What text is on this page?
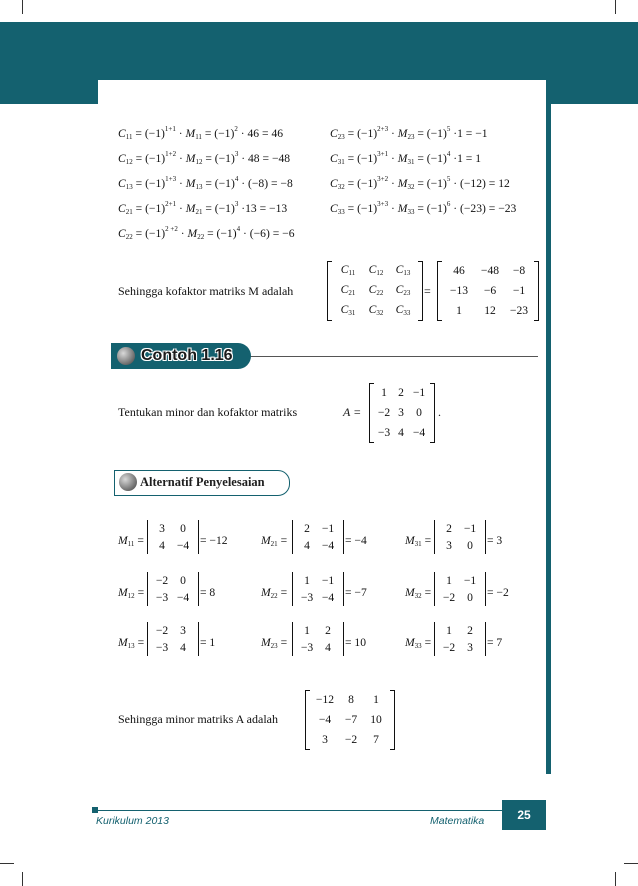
$C_{11} = (-1)^{1+1} \cdot M_{11} = (-1)^2 \cdot 46 = 46$
$C_{12} = (-1)^{1+2} \cdot M_{12} = (-1)^3 \cdot 48 = -48$
$C_{13} = (-1)^{1+3} \cdot M_{13} = (-1)^4 \cdot (-8) = -8$
$C_{21} = (-1)^{2+1} \cdot M_{21} = (-1)^3 \cdot 13 = -13$
$C_{22} = (-1)^{2 +2} \cdot M_{22} = (-1)^4 \cdot (-6) = -6$
$C_{23} = (-1)^{2+3} \cdot M_{23} = (-1)^5 \cdot 1 = -1$
$C_{31} = (-1)^{3+1} \cdot M_{31} = (-1)^4 \cdot 1 = 1$
$C_{32} = (-1)^{3+2} \cdot M_{32} = (-1)^5 \cdot (-12) = 12$
$C_{33} = (-1)^{3+3} \cdot M_{33} = (-1)^6 \cdot (-23) = -23$
Sehingga kofaktor matriks M adalah
$C_{11}$	$C_{12}$	$C_{13}$
$C_{21}$	$C_{22}$	$C_{23}$
$C_{31}$	$C_{32}$	$C_{33}$
=
46	−48	−8
−13	−6	−1
1	12	−23
Contoh 1.16
Tentukan minor dan kofaktor matriks	A =
1 2 −1
−2 3	0
−3 4 −4
.
Alternatif Penyelesaian
$M_{11}$ =
3	0
4	−4 = −12	$M_{21}$ =
2	−1
4	−4 = −4	$M_{31}$ =
2	−1
3	0	= 3
$M_{12}$ =
−2	0
−3 −4 = 8	$M_{22}$ =
1	−1
−3 −4 = −7	$M_{32}$ =
1	−1
−2	0	= −2
$M_{13}$ =
−2	3
−3	4	= 1	$M_{23}$ =
1	2
−3	4	= 10	$M_{33}$ =
1	2
−2	3	= 7
Sehingga minor matriks A adalah
−12	8	1
−4	−7	10
3	−2	7
Kurikulum 2013	Matematika	25
